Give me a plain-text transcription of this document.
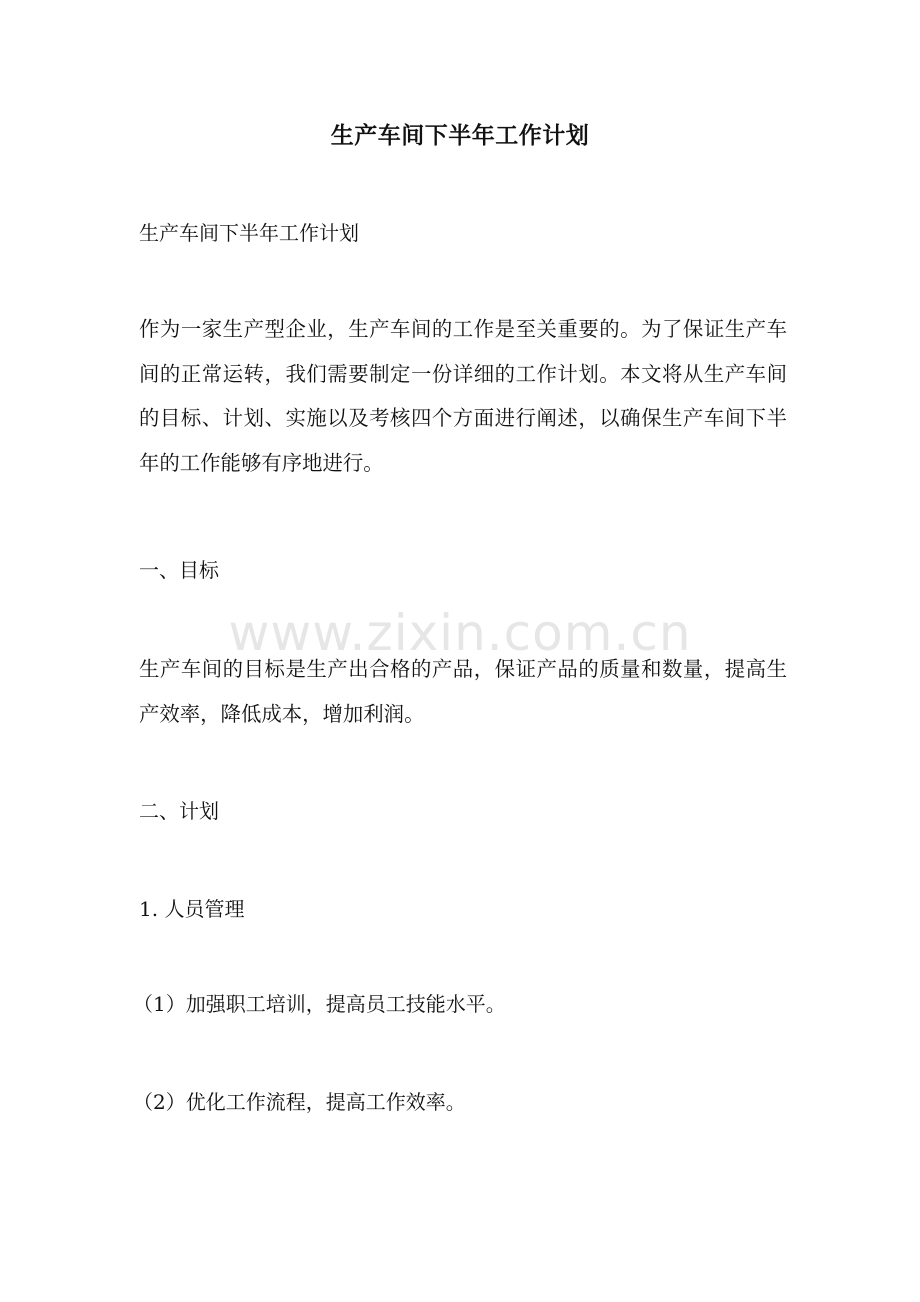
生产车间下半年工作计划

生产车间下半年工作计划

作为一家生产型企业，生产车间的工作是至关重要的。为了保证生产车间的正常运转，我们需要制定一份详细的工作计划。本文将从生产车间的目标、计划、实施以及考核四个方面进行阐述，以确保生产车间下半年的工作能够有序地进行。

一、目标

生产车间的目标是生产出合格的产品，保证产品的质量和数量，提高生产效率，降低成本，增加利润。

二、计划

1. 人员管理

（1）加强职工培训，提高员工技能水平。

（2）优化工作流程，提高工作效率。

www.zixin.com.cn
